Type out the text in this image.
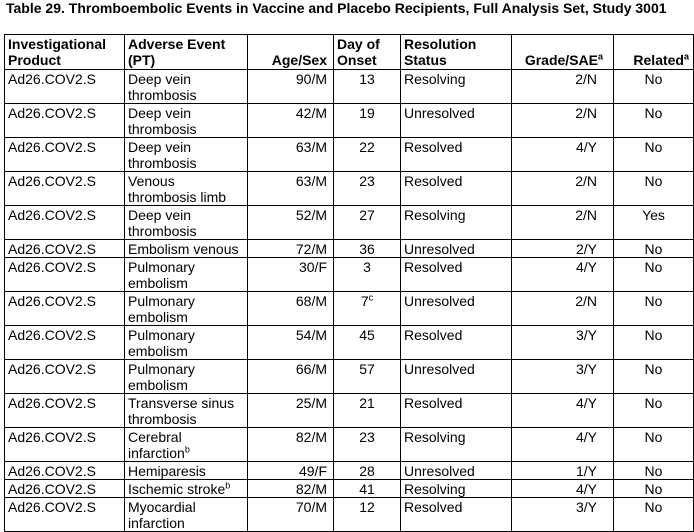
Table 29. Thromboembolic Events in Vaccine and Placebo Recipients, Full Analysis Set, Study 3001
Investigational Product	Adverse Event (PT)	Age/Sex	Day of Onset	Resolution Status	Grade/SAE$^a$	Related$^a$
Ad26.COV2.S	Deep vein thrombosis	90/M	13	Resolving	2/N	No
Ad26.COV2.S	Deep vein thrombosis	42/M	19	Unresolved	2/N	No
Ad26.COV2.S	Deep vein thrombosis	63/M	22	Resolved	4/Y	No
Ad26.COV2.S	Venous thrombosis limb	63/M	23	Resolved	2/N	No
Ad26.COV2.S	Deep vein thrombosis	52/M	27	Resolving	2/N	Yes
Ad26.COV2.S	Embolism venous	72/M	36	Unresolved	2/Y	No
Ad26.COV2.S	Pulmonary embolism	30/F	3	Resolved	4/Y	No
Ad26.COV2.S	Pulmonary embolism	68/M	7$^c$	Unresolved	2/N	No
Ad26.COV2.S	Pulmonary embolism	54/M	45	Resolved	3/Y	No
Ad26.COV2.S	Pulmonary embolism	66/M	57	Unresolved	3/Y	No
Ad26.COV2.S	Transverse sinus thrombosis	25/M	21	Resolved	4/Y	No
Ad26.COV2.S	Cerebral infarction$^b$	82/M	23	Resolving	4/Y	No
Ad26.COV2.S	Hemiparesis	49/F	28	Unresolved	1/Y	No
Ad26.COV2.S	Ischemic stroke$^b$	82/M	41	Resolving	4/Y	No
Ad26.COV2.S	Myocardial infarction	70/M	12	Resolved	3/Y	No
